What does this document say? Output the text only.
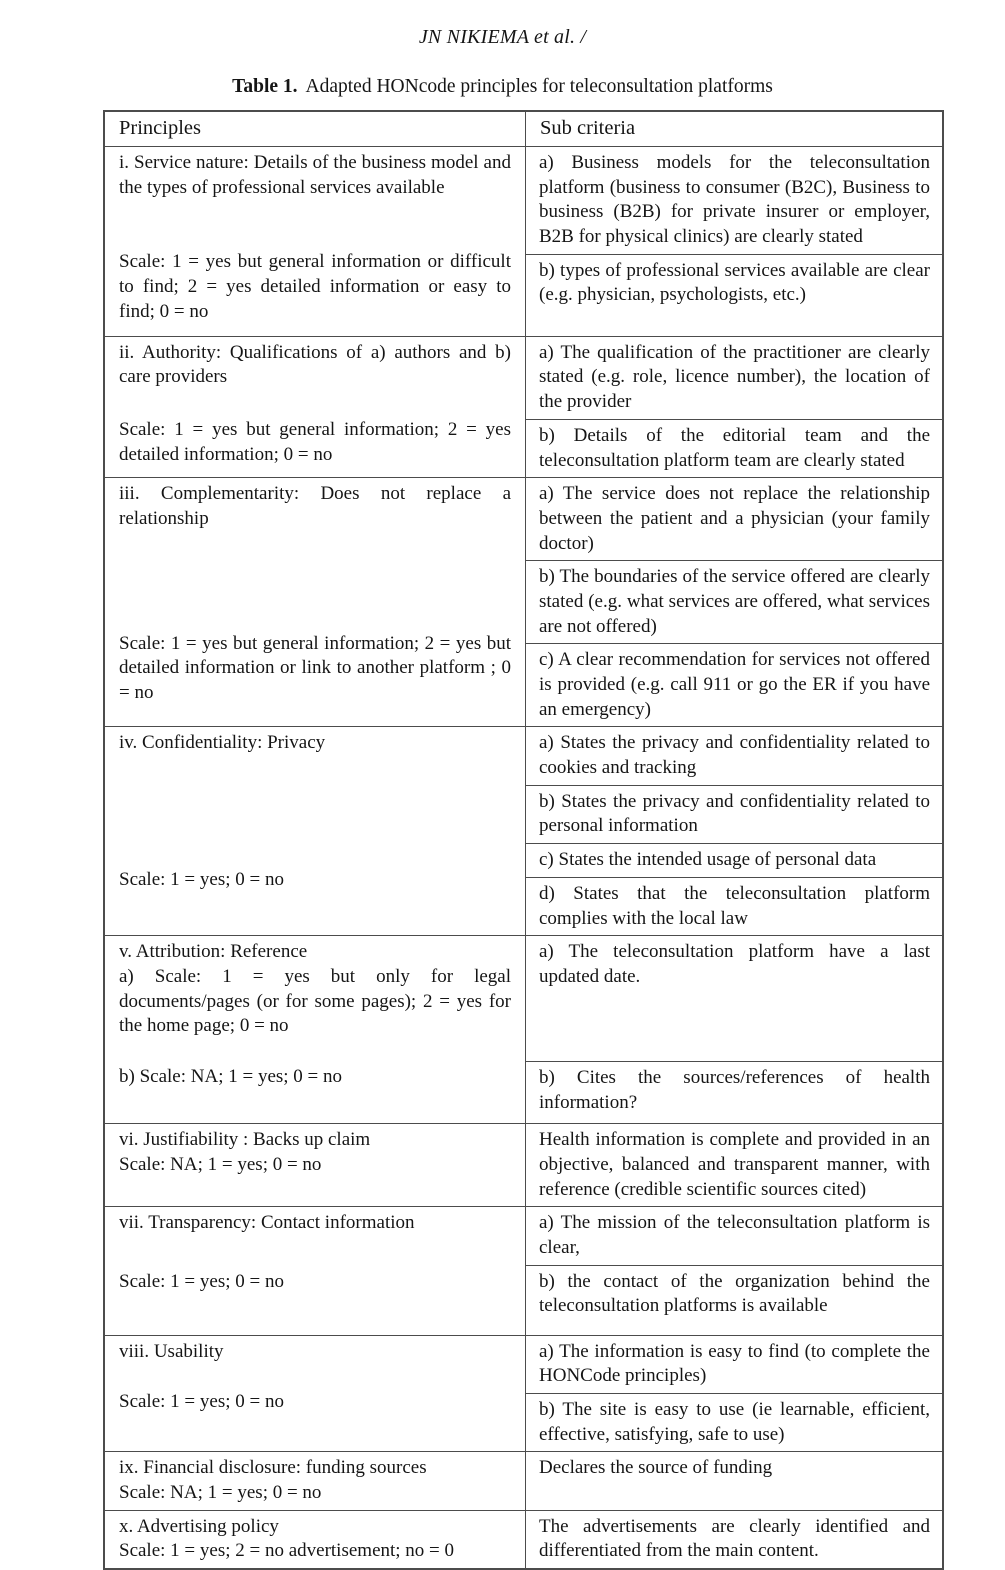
JN NIKIEMA et al. /
Table 1. Adapted HONcode principles for teleconsultation platforms
Principles	Sub criteria
i. Service nature: Details of the business model and the types of professional services available
Scale: 1 = yes but general information or difficult to find; 2 = yes detailed information or easy to find; 0 = no
a) Business models for the teleconsultation platform (business to consumer (B2C), Business to business (B2B) for private insurer or employer, B2B for physical clinics) are clearly stated
b) types of professional services available are clear (e.g. physician, psychologists, etc.)
ii. Authority: Qualifications of a) authors and b) care providers
Scale: 1 = yes but general information; 2 = yes detailed information; 0 = no
a) The qualification of the practitioner are clearly stated (e.g. role, licence number), the location of the provider
b) Details of the editorial team and the teleconsultation platform team are clearly stated
iii. Complementarity: Does not replace a relationship
Scale: 1 = yes but general information; 2 = yes but detailed information or link to another platform ; 0 = no
a) The service does not replace the relationship between the patient and a physician (your family doctor)
b) The boundaries of the service offered are clearly stated (e.g. what services are offered, what services are not offered)
c) A clear recommendation for services not offered is provided (e.g. call 911 or go the ER if you have an emergency)
iv. Confidentiality: Privacy
Scale: 1 = yes; 0 = no
a) States the privacy and confidentiality related to cookies and tracking
b) States the privacy and confidentiality related to personal information
c) States the intended usage of personal data
d) States that the teleconsultation platform complies with the local law
v. Attribution: Reference
a) Scale: 1 = yes but only for legal documents/pages (or for some pages); 2 = yes for the home page; 0 = no
b) Scale: NA; 1 = yes; 0 = no
a) The teleconsultation platform have a last updated date.
b) Cites the sources/references of health information?
vi. Justifiability : Backs up claim
Scale: NA; 1 = yes; 0 = no
Health information is complete and provided in an objective, balanced and transparent manner, with reference (credible scientific sources cited)
vii. Transparency: Contact information
Scale: 1 = yes; 0 = no
a) The mission of the teleconsultation platform is clear,
b) the contact of the organization behind the teleconsultation platforms is available
viii. Usability
Scale: 1 = yes; 0 = no
a) The information is easy to find (to complete the HONCode principles)
b) The site is easy to use (ie learnable, efficient, effective, satisfying, safe to use)
ix. Financial disclosure: funding sources
Scale: NA; 1 = yes; 0 = no
Declares the source of funding
x. Advertising policy
Scale: 1 = yes; 2 = no advertisement; no = 0
The advertisements are clearly identified and differentiated from the main content.
